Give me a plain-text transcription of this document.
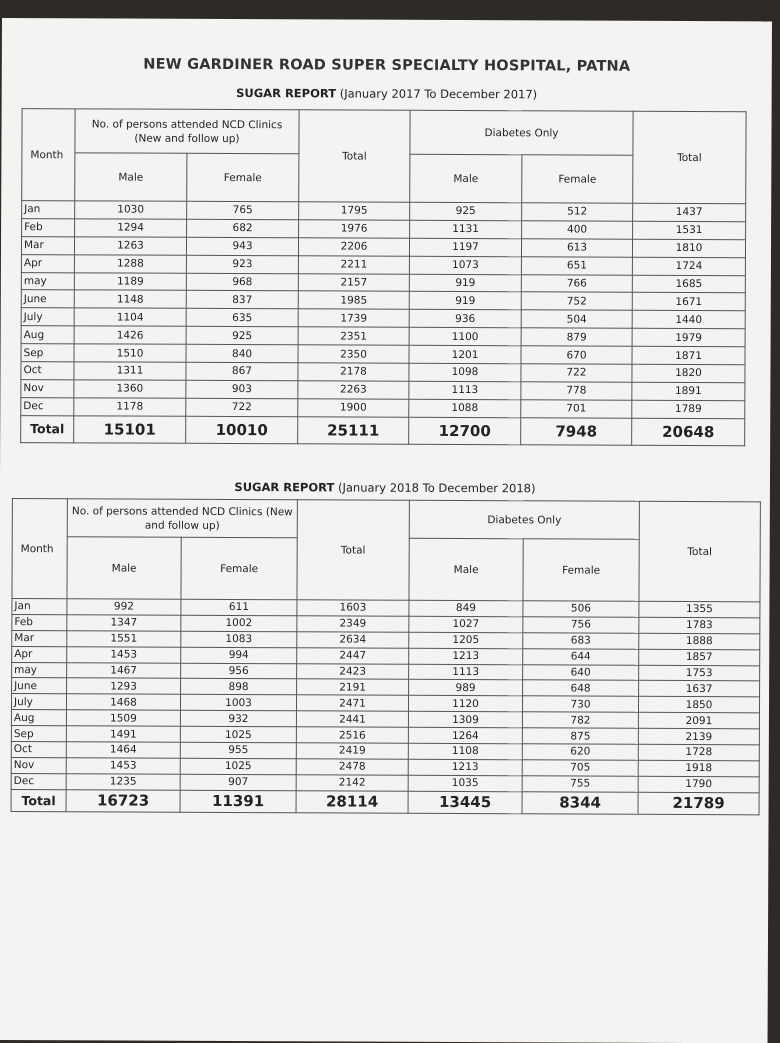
NEW GARDINER ROAD SUPER SPECIALTY HOSPITAL, PATNA
SUGAR REPORT (January 2017 To December 2017)
Month	No. of persons attended NCD Clinics (New and follow up)		Total	Diabetes Only		Total
	Male	Female		Male	Female	
Jan	1030	765	1795	925	512	1437
Feb	1294	682	1976	1131	400	1531
Mar	1263	943	2206	1197	613	1810
Apr	1288	923	2211	1073	651	1724
may	1189	968	2157	919	766	1685
June	1148	837	1985	919	752	1671
July	1104	635	1739	936	504	1440
Aug	1426	925	2351	1100	879	1979
Sep	1510	840	2350	1201	670	1871
Oct	1311	867	2178	1098	722	1820
Nov	1360	903	2263	1113	778	1891
Dec	1178	722	1900	1088	701	1789
Total	15101	10010	25111	12700	7948	20648
SUGAR REPORT (January 2018 To December 2018)
Month	No. of persons attended NCD Clinics (New and follow up)		Total	Diabetes Only		Total
	Male	Female		Male	Female	
Jan	992	611	1603	849	506	1355
Feb	1347	1002	2349	1027	756	1783
Mar	1551	1083	2634	1205	683	1888
Apr	1453	994	2447	1213	644	1857
may	1467	956	2423	1113	640	1753
June	1293	898	2191	989	648	1637
July	1468	1003	2471	1120	730	1850
Aug	1509	932	2441	1309	782	2091
Sep	1491	1025	2516	1264	875	2139
Oct	1464	955	2419	1108	620	1728
Nov	1453	1025	2478	1213	705	1918
Dec	1235	907	2142	1035	755	1790
Total	16723	11391	28114	13445	8344	21789
